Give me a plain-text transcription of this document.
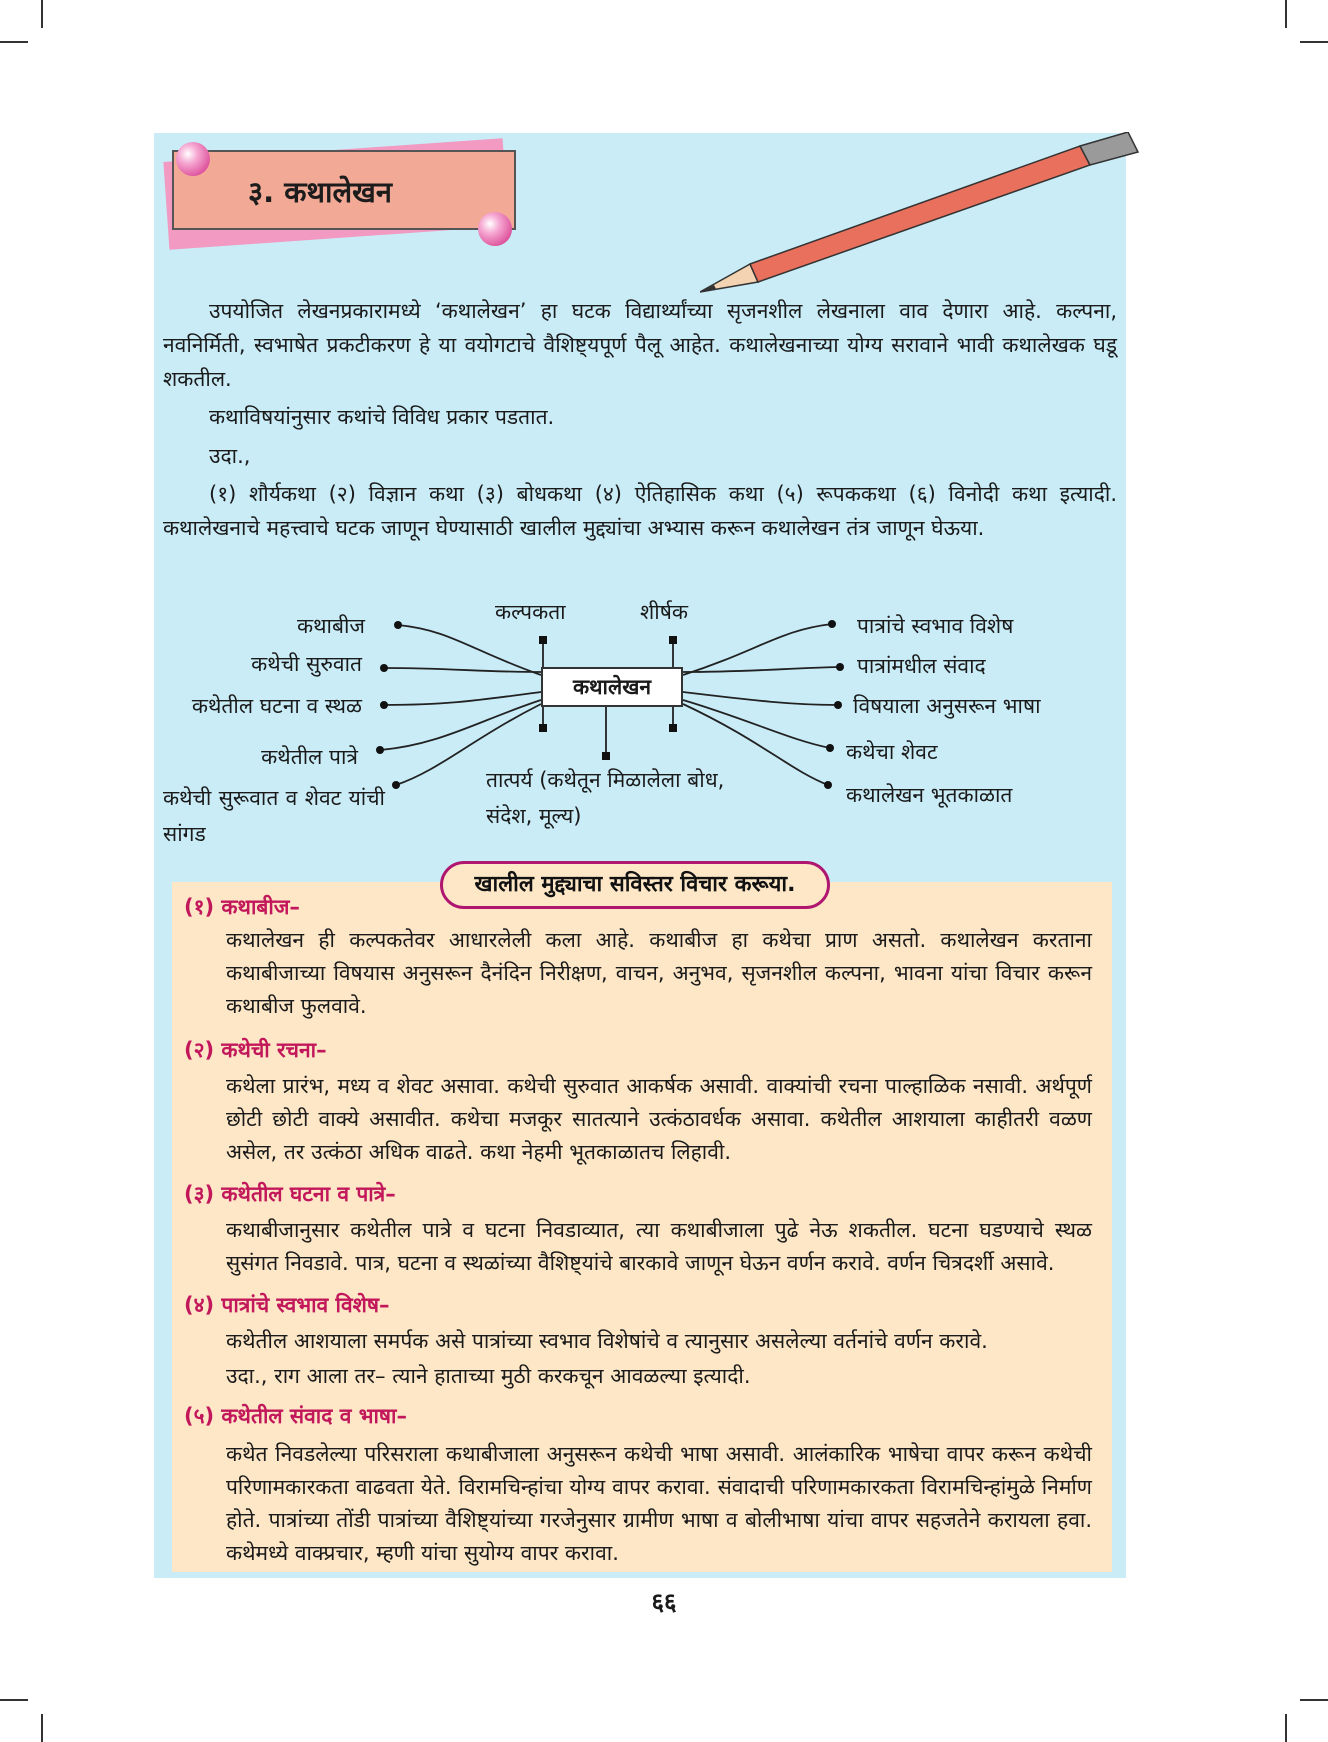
३. कथालेखन

उपयोजित लेखनप्रकारामध्ये ‘कथालेखन’ हा घटक विद्यार्थ्यांच्या सृजनशील लेखनाला वाव देणारा आहे. कल्पना, नवनिर्मिती, स्वभाषेत प्रकटीकरण हे या वयोगटाचे वैशिष्ट्यपूर्ण पैलू आहेत. कथालेखनाच्या योग्य सरावाने भावी कथालेखक घडू शकतील.

कथाविषयांनुसार कथांचे विविध प्रकार पडतात.
उदा.,

(१) शौर्यकथा (२) विज्ञान कथा (३) बोधकथा (४) ऐतिहासिक कथा (५) रूपककथा (६) विनोदी कथा इत्यादी. कथालेखनाचे महत्त्वाचे घटक जाणून घेण्यासाठी खालील मुद्द्यांचा अभ्यास करून कथालेखन तंत्र जाणून घेऊया.

कथालेखन
कल्पकता	शीर्षक
कथाबीज
कथेची सुरुवात
कथेतील घटना व स्थळ
कथेतील पात्रे
कथेची सुरूवात व शेवट यांची सांगड
पात्रांचे स्वभाव विशेष
पात्रांमधील संवाद
विषयाला अनुसरून भाषा
कथेचा शेवट
कथालेखन भूतकाळात
तात्पर्य (कथेतून मिळालेला बोध, संदेश, मूल्य)
खालील मुद्द्याचा सविस्तर विचार करूया.
(१) कथाबीज–

कथालेखन ही कल्पकतेवर आधारलेली कला आहे. कथाबीज हा कथेचा प्राण असतो. कथालेखन करताना कथाबीजाच्या विषयास अनुसरून दैनंदिन निरीक्षण, वाचन, अनुभव, सृजनशील कल्पना, भावना यांचा विचार करून कथाबीज फुलवावे.

(२) कथेची रचना–

कथेला प्रारंभ, मध्य व शेवट असावा. कथेची सुरुवात आकर्षक असावी. वाक्यांची रचना पाल्हाळिक नसावी. अर्थपूर्ण छोटी छोटी वाक्ये असावीत. कथेचा मजकूर सातत्याने उत्कंठावर्धक असावा. कथेतील आशयाला काहीतरी वळण असेल, तर उत्कंठा अधिक वाढते. कथा नेहमी भूतकाळातच लिहावी.

(३) कथेतील घटना व पात्रे–

कथाबीजानुसार कथेतील पात्रे व घटना निवडाव्यात, त्या कथाबीजाला पुढे नेऊ शकतील. घटना घडण्याचे स्थळ सुसंगत निवडावे. पात्र, घटना व स्थळांच्या वैशिष्ट्यांचे बारकावे जाणून घेऊन वर्णन करावे. वर्णन चित्रदर्शी असावे.

(४) पात्रांचे स्वभाव विशेष–

कथेतील आशयाला समर्पक असे पात्रांच्या स्वभाव विशेषांचे व त्यानुसार असलेल्या वर्तनांचे वर्णन करावे.

उदा., राग आला तर– त्याने हाताच्या मुठी करकचून आवळल्या इत्यादी.

(५) कथेतील संवाद व भाषा–

कथेत निवडलेल्या परिसराला कथाबीजाला अनुसरून कथेची भाषा असावी. आलंकारिक भाषेचा वापर करून कथेची परिणामकारकता वाढवता येते. विरामचिन्हांचा योग्य वापर करावा. संवादाची परिणामकारकता विरामचिन्हांमुळे निर्माण होते. पात्रांच्या तोंडी पात्रांच्या वैशिष्ट्यांच्या गरजेनुसार ग्रामीण भाषा व बोलीभाषा यांचा वापर सहजतेने करायला हवा. कथेमध्ये वाक्प्रचार, म्हणी यांचा सुयोग्य वापर करावा.

६६
